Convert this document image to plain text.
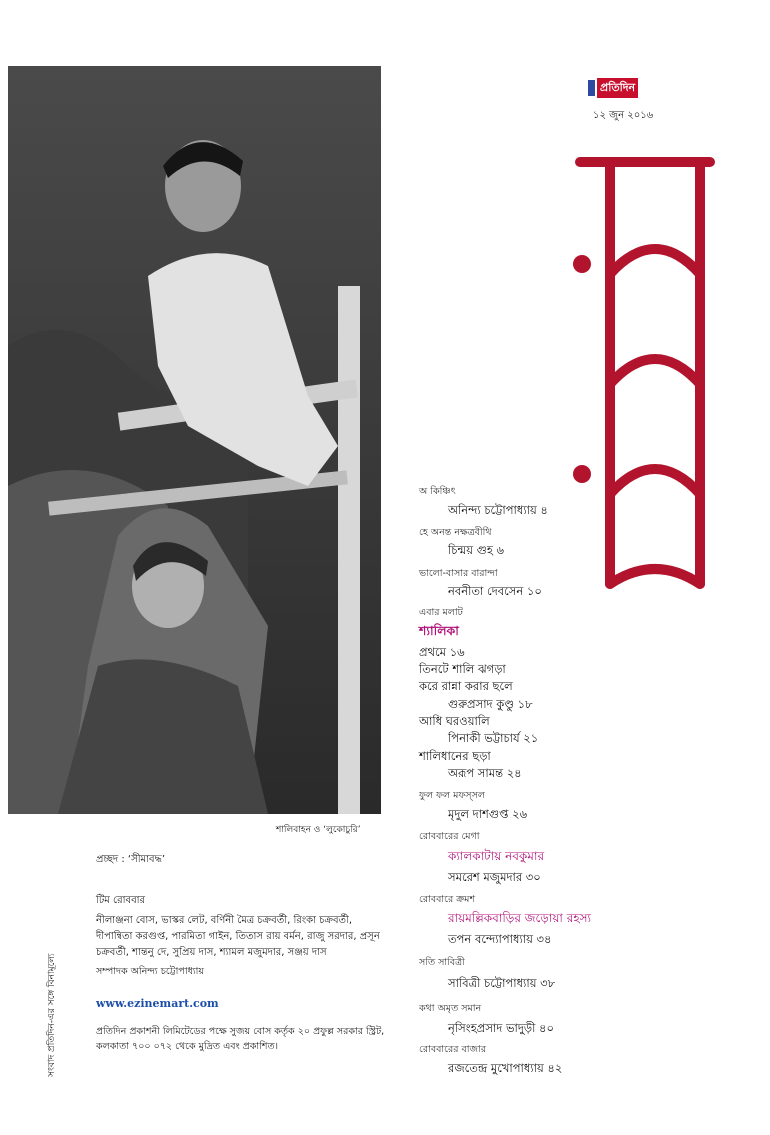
শালিবাহন ও ‘লুকোচুরি’
প্রচ্ছদ : ‘সীমাবদ্ধ’
টিম রোববার
নীলাঞ্জনা বোস, ভাস্কর লেট, বর্ণিনী মৈত্র চক্রবর্তী, রিংকা চক্রবর্তী, দীপান্বিতা করগুপ্ত, পারমিতা গাইন, তিতাস রায় বর্মন, রাজু সরদার, প্রসূন চক্রবর্তী, শান্তনু দে, সুপ্রিয় দাস, শ্যামল মজুমদার, সঞ্জয় দাস
সম্পাদক অনিন্দ্য চট্টোপাধ্যায়
www.ezinemart.com
প্রতিদিন প্রকাশনী লিমিটেডের পক্ষে সুজয় বোস কর্তৃক ২০ প্রফুল্ল সরকার স্ট্রিট, কলকাতা ৭০০ ০৭২ থেকে মুদ্রিত এবং প্রকাশিত।
সংবাদ প্রতিদিন-এর সঙ্গে বিনামূল্যে
প্রতিদিন
১২ জুন ২০১৬
অ কিঞ্চিৎ
অনিন্দ্য চট্টোপাধ্যায় ৪
হে অনন্ত নক্ষত্রবীথি
চিন্ময় গুহ ৬
ভালো-বাসার বারান্দা
নবনীতা দেবসেন ১০
এবার মলাট
শ্যালিকা
প্রথমে ১৬
তিনটে শালি ঝগড়া
করে রান্না করার ছলে
গুরুপ্রসাদ কুণ্ডু ১৮
আধি ঘরওয়ালি
পিনাকী ভট্টাচার্য ২১
শালিধানের ছড়া
অরূপ সামন্ত ২৪
ফুল ফল মফস্‌সল
মৃদুল দাশগুপ্ত ২৬
রোববারের মেগা
ক্যালকাটায় নবকুমার
সমরেশ মজুমদার ৩০
রোববারে ক্রমশ
রায়মল্লিকবাড়ির জড়োয়া রহস্য
তপন বন্দ্যোপাধ্যায় ৩৪
সতি সাবিত্রী
সাবিত্রী চট্টোপাধ্যায় ৩৮
কথা অমৃত সমান
নৃসিংহপ্রসাদ ভাদুড়ী ৪০
রোববারের বাজার
রজতেন্দ্র মুখোপাধ্যায় ৪২
